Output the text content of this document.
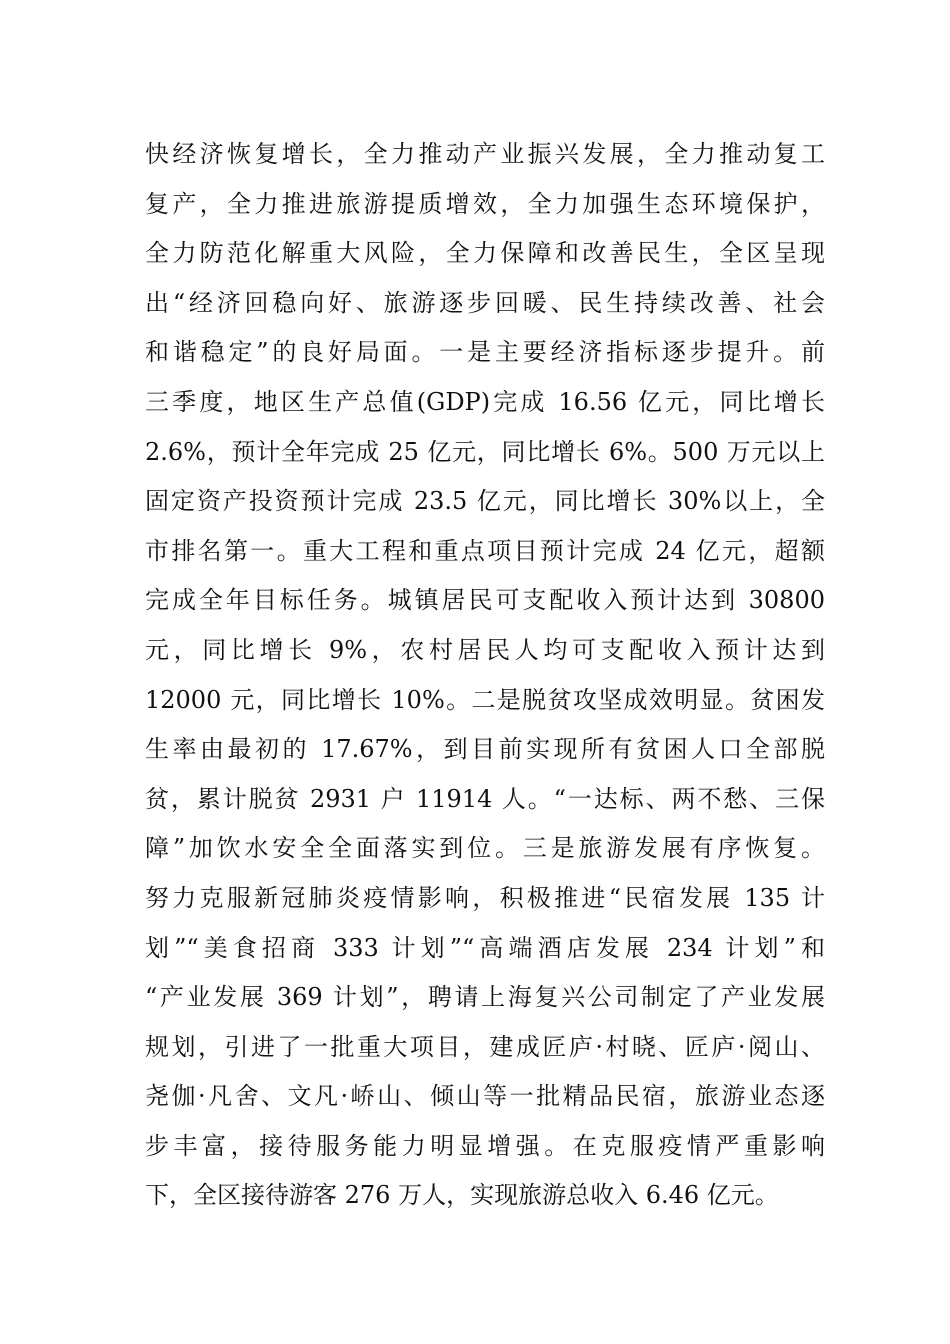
快经济恢复增长，全力推动产业振兴发展，全力推动复工
复产，全力推进旅游提质增效，全力加强生态环境保护，
全力防范化解重大风险，全力保障和改善民生，全区呈现
出“经济回稳向好、旅游逐步回暖、民生持续改善、社会
和谐稳定”的良好局面。一是主要经济指标逐步提升。前
三季度，地区生产总值(GDP)完成 16.56 亿元，同比增长
2.6%，预计全年完成 25 亿元，同比增长 6%。500 万元以上
固定资产投资预计完成 23.5 亿元，同比增长 30%以上，全
市排名第一。重大工程和重点项目预计完成 24 亿元，超额
完成全年目标任务。城镇居民可支配收入预计达到 30800
元，同比增长 9%，农村居民人均可支配收入预计达到
12000 元，同比增长 10%。二是脱贫攻坚成效明显。贫困发
生率由最初的 17.67%，到目前实现所有贫困人口全部脱
贫，累计脱贫 2931 户 11914 人。“一达标、两不愁、三保
障”加饮水安全全面落实到位。三是旅游发展有序恢复。
努力克服新冠肺炎疫情影响，积极推进“民宿发展 135 计
划”“美食招商 333 计划”“高端酒店发展 234 计划”和
“产业发展 369 计划”，聘请上海复兴公司制定了产业发展
规划，引进了一批重大项目，建成匠庐·村晓、匠庐·阅山、
尧伽·凡舍、文凡·峤山、倾山等一批精品民宿，旅游业态逐
步丰富，接待服务能力明显增强。在克服疫情严重影响
下，全区接待游客 276 万人，实现旅游总收入 6.46 亿元。
